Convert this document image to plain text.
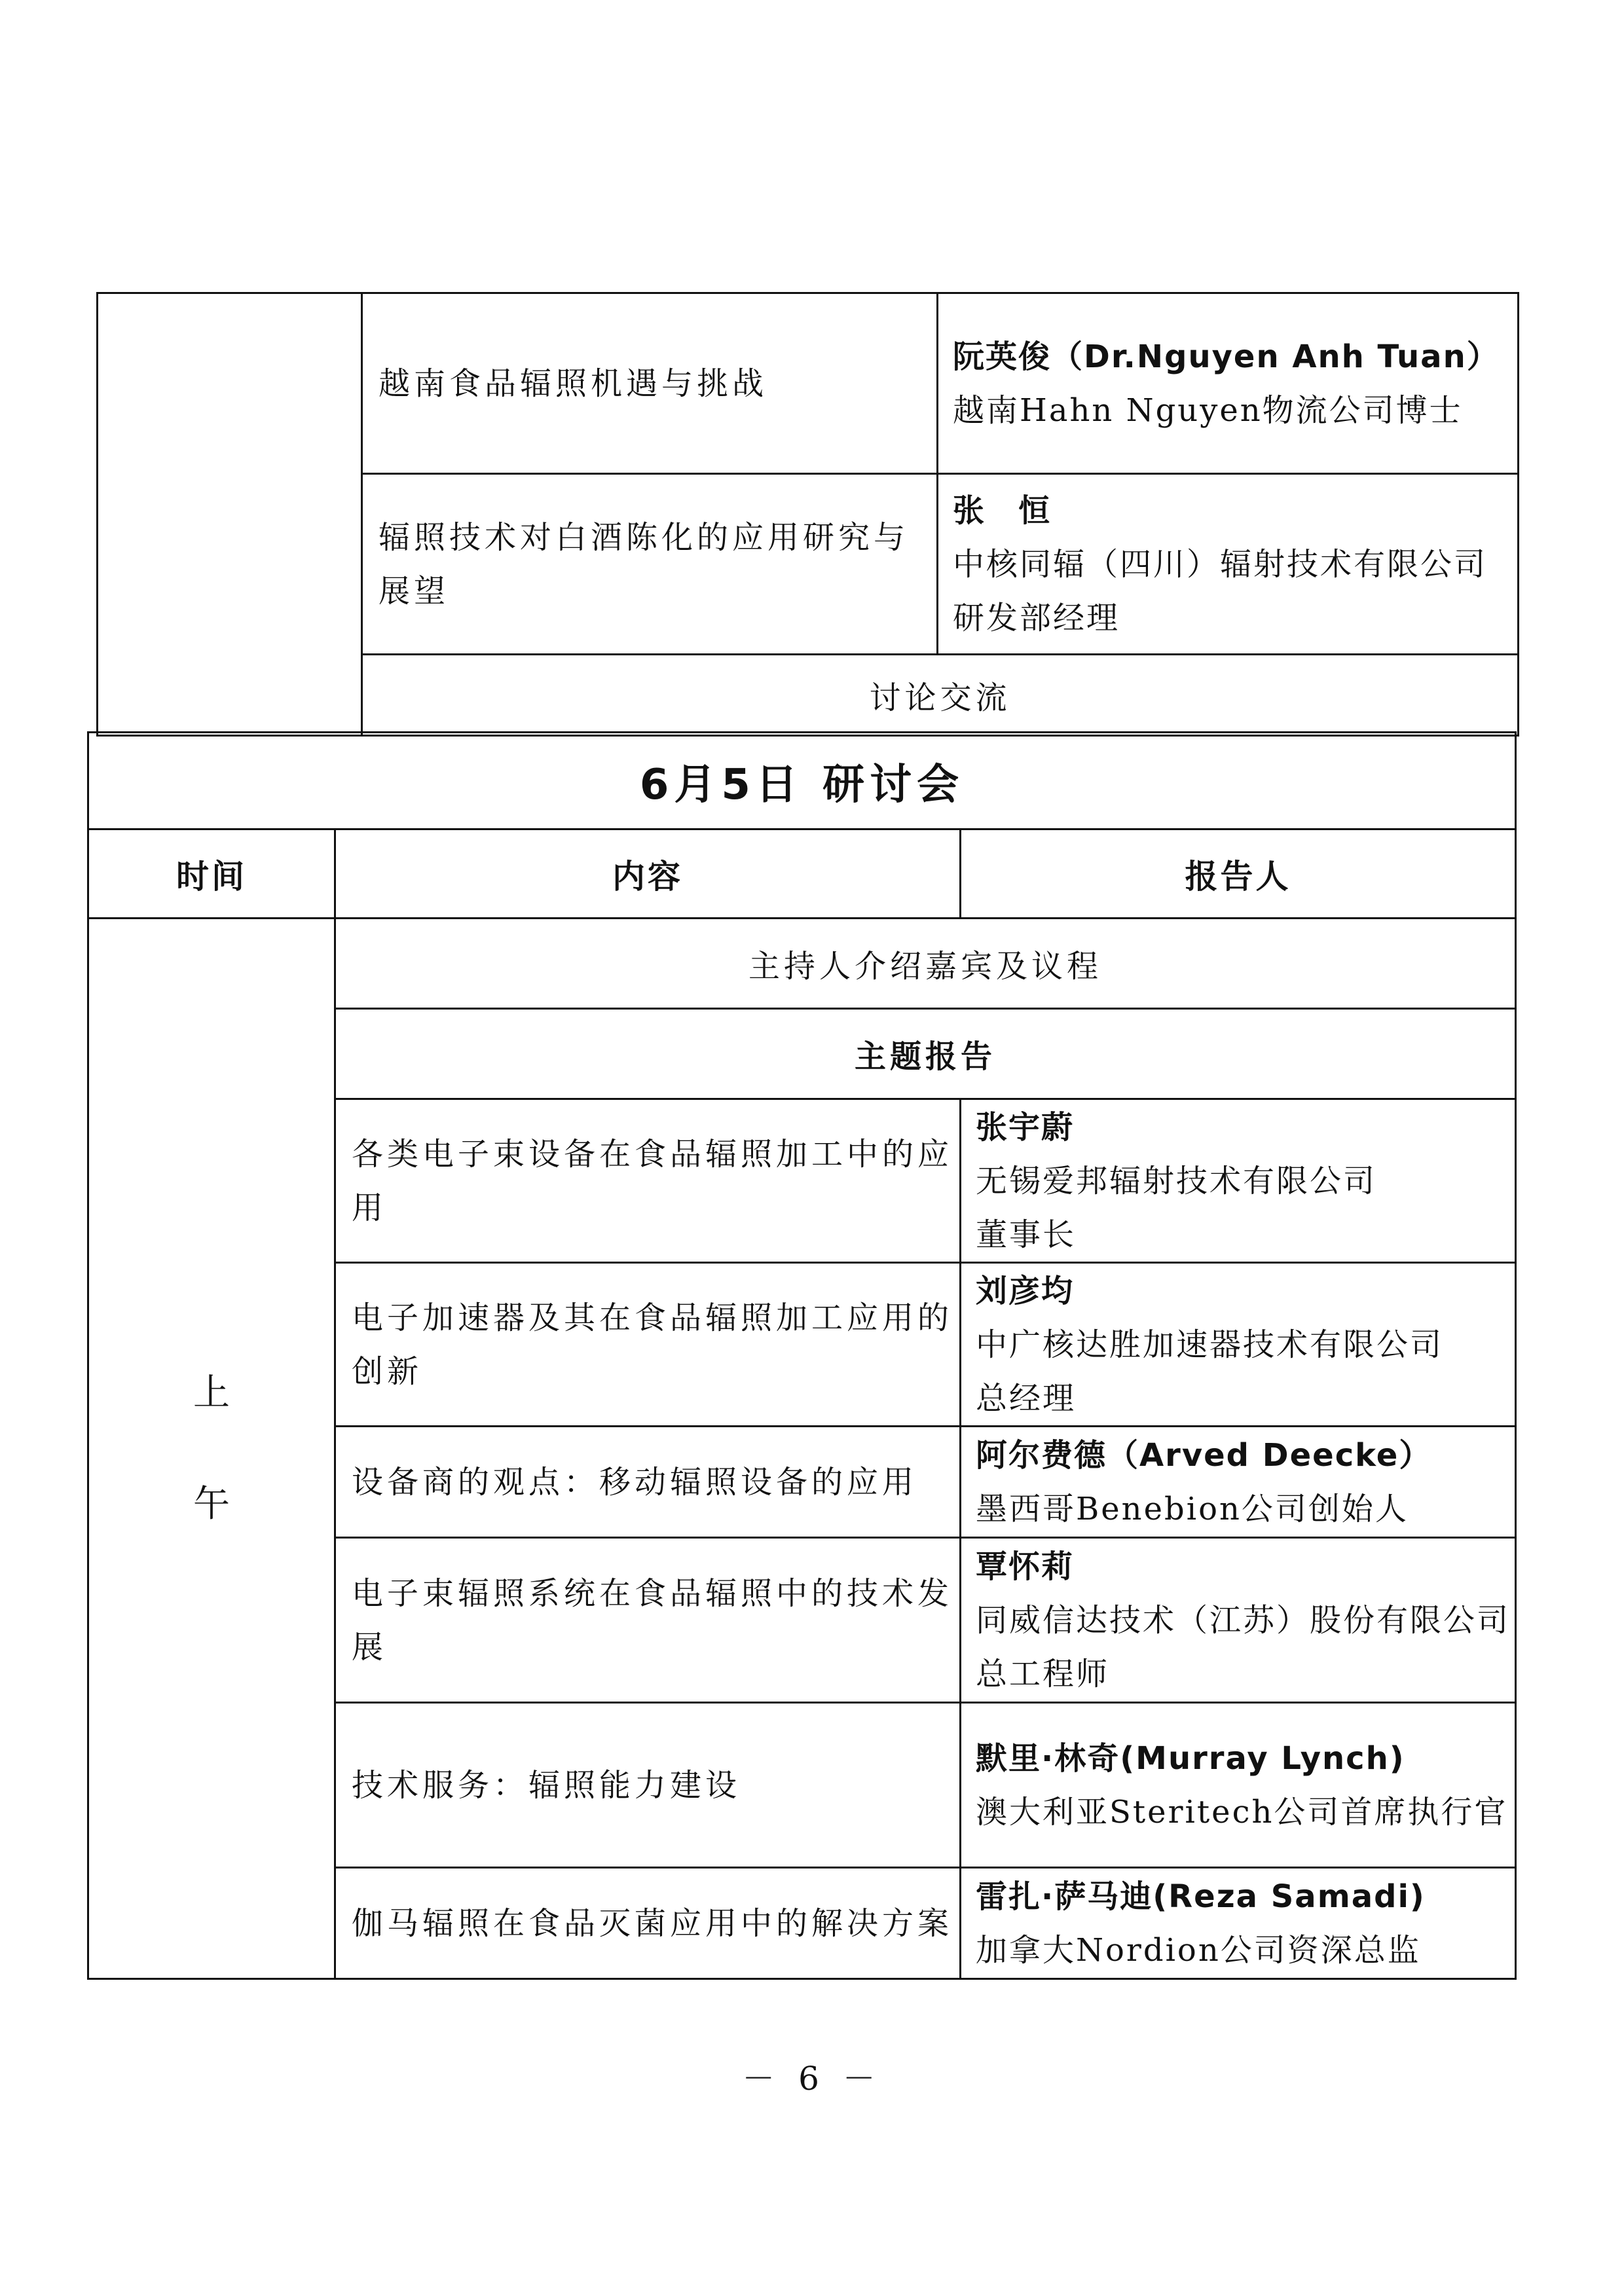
	越南食品辐照机遇与挑战	阮英俊（Dr.Nguyen Anh Tuan）
越南Hahn Nguyen物流公司博士

	辐照技术对白酒陈化的应用研究与展望	张　恒
中核同辐（四川）辐射技术有限公司研发部经理

	讨论交流	
6月5日 研讨会		
时间	内容	报告人

上
午	主持人介绍嘉宾及议程	
	主题报告	
	各类电子束设备在食品辐照加工中的应用	张宇蔚
无锡爱邦辐射技术有限公司
董事长

	电子加速器及其在食品辐照加工应用的创新	刘彦均
中广核达胜加速器技术有限公司
总经理

	设备商的观点：移动辐照设备的应用	阿尔费德（Arved Deecke）
墨西哥Benebion公司创始人

	电子束辐照系统在食品辐照中的技术发展	覃怀莉
同威信达技术（江苏）股份有限公司总工程师

	技术服务：辐照能力建设	默里·林奇(Murray Lynch)
澳大利亚Steritech公司首席执行官

	伽马辐照在食品灭菌应用中的解决方案	雷扎·萨马迪(Reza Samadi)
加拿大Nordion公司资深总监
－ 6 －
